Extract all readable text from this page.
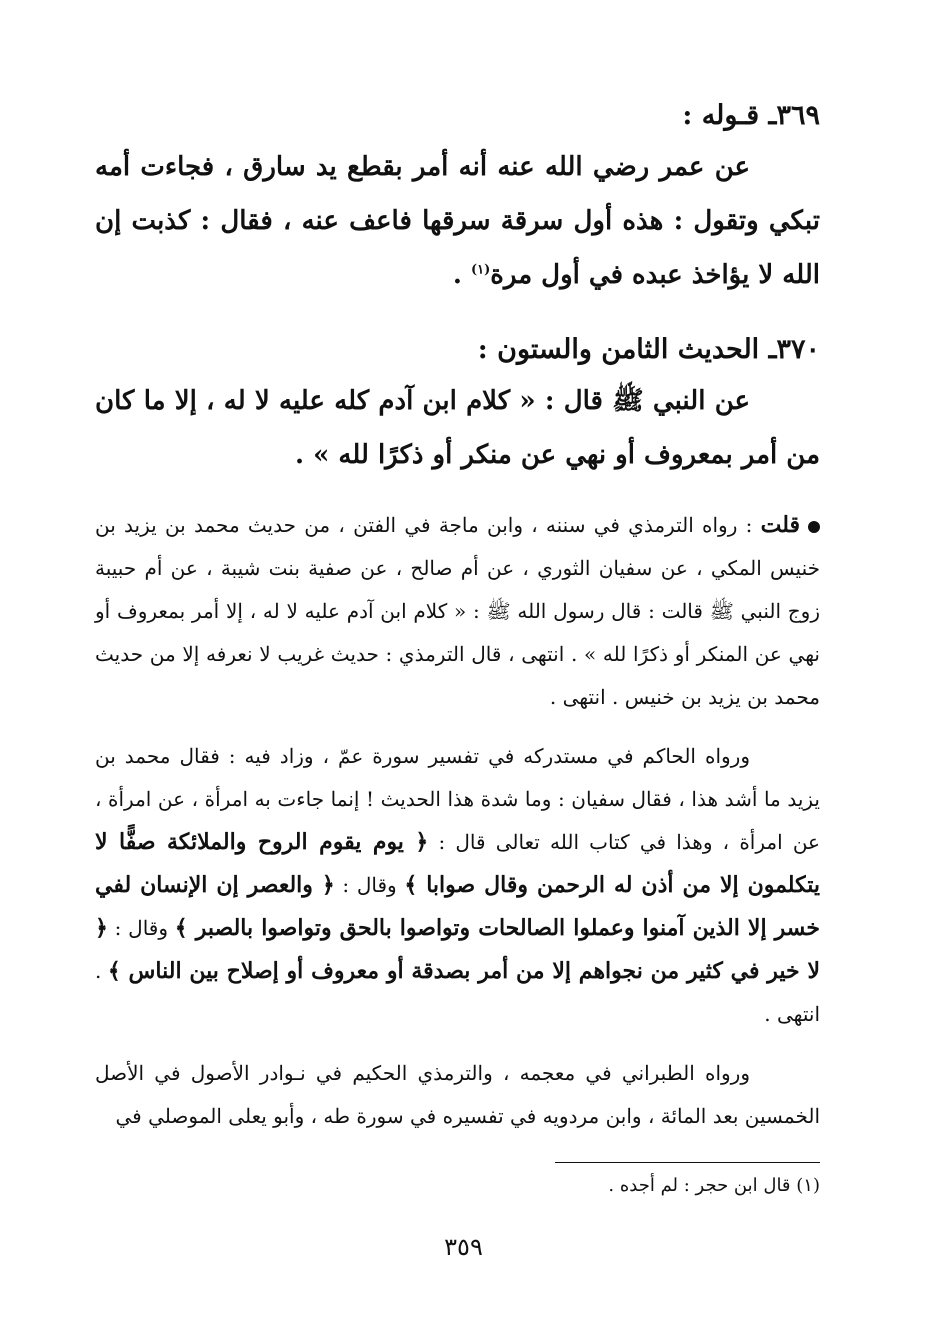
٣٦٩ـ قـوله :

عن عمر رضي الله عنه أنه أمر بقطع يد سارق ، فجاءت أمه تبكي وتقول : هذه أول سرقة سرقها فاعف عنه ، فقال : كذبت إن الله لا يؤاخذ عبده في أول مرة$^{(١)}$ .

٣٧٠ـ الحديث الثامن والستون :

عن النبي ﷺ قال : « كلام ابن آدم كله عليه لا له ، إلا ما كان من أمر بمعروف أو نهي عن منكر أو ذكرًا لله » .

قلت : رواه الترمذي في سننه ، وابن ماجة في الفتن ، من حديث محمد بن يزيد بن خنيس المكي ، عن سفيان الثوري ، عن أم صالح ، عن صفية بنت شيبة ، عن أم حبيبة زوج النبي ﷺ قالت : قال رسول الله ﷺ : « كلام ابن آدم عليه لا له ، إلا أمر بمعروف أو نهي عن المنكر أو ذكرًا لله » . انتهى ، قال الترمذي : حديث غريب لا نعرفه إلا من حديث محمد بن يزيد بن خنيس . انتهى .

ورواه الحاكم في مستدركه في تفسير سورة عمّ ، وزاد فيه : فقال محمد بن يزيد ما أشد هذا ، فقال سفيان : وما شدة هذا الحديث ! إنما جاءت به امرأة ، عن امرأة ، عن امرأة ، وهذا في كتاب الله تعالى قال : ﴿ يوم يقوم الروح والملائكة صفًّا لا يتكلمون إلا من أذن له الرحمن وقال صوابا ﴾ وقال : ﴿ والعصر إن الإنسان لفي خسر إلا الذين آمنوا وعملوا الصالحات وتواصوا بالحق وتواصوا بالصبر ﴾ وقال : ﴿ لا خير في كثير من نجواهم إلا من أمر بصدقة أو معروف أو إصلاح بين الناس ﴾ . انتهى .

ورواه الطبراني في معجمه ، والترمذي الحكيم في نـوادر الأصول في الأصل الخمسين بعد المائة ، وابن مردويه في تفسيره في سورة طه ، وأبو يعلى الموصلي في

(١) قال ابن حجر : لم أجده .
٣٥٩
